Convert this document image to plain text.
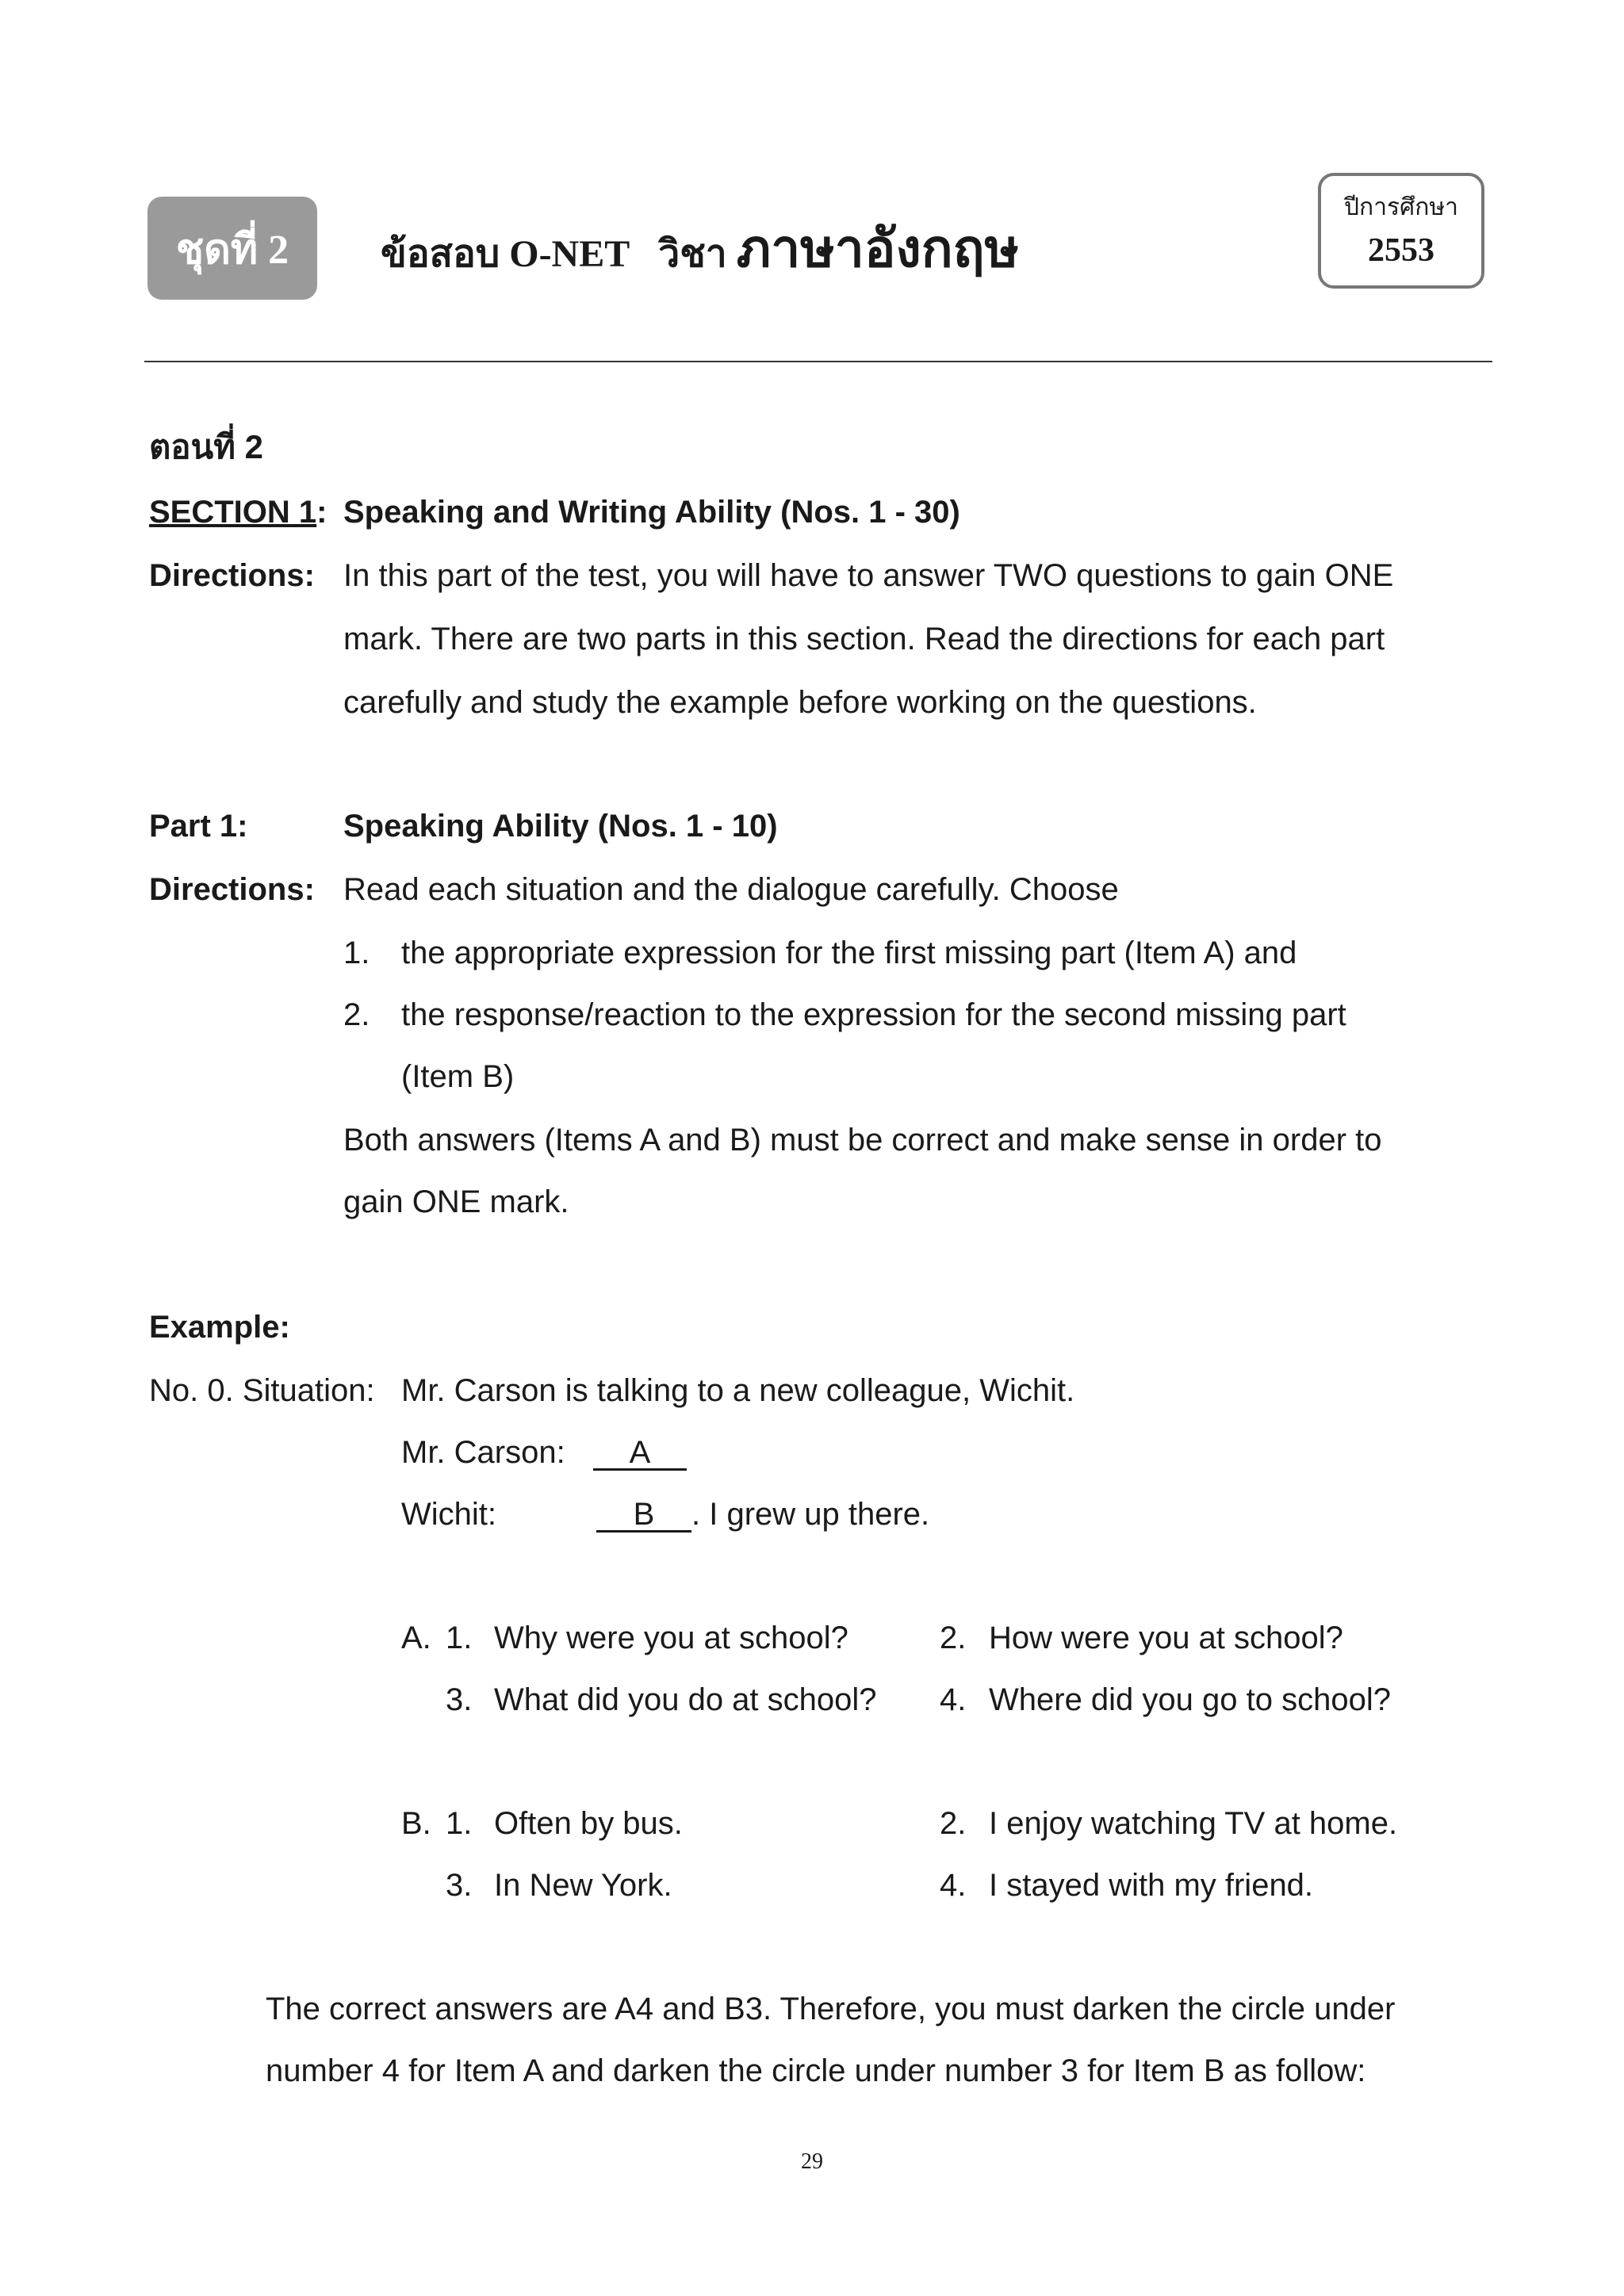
ชุดที่ 2	ข้อสอบ O-NET วิชา ภาษาอังกฤษ
ปีการศึกษา
2553
ตอนที่ 2
SECTION 1: Speaking and Writing Ability (Nos. 1 - 30)
Directions: In this part of the test, you will have to answer TWO questions to gain ONE
mark. There are two parts in this section. Read the directions for each part
carefully and study the example before working on the questions.
Part 1:	Speaking Ability (Nos. 1 - 10)
Directions: Read each situation and the dialogue carefully. Choose
1. the appropriate expression for the first missing part (Item A) and
2. the response/reaction to the expression for the second missing part
(Item B)
Both answers (Items A and B) must be correct and make sense in order to
gain ONE mark.
Example:
No. 0. Situation: Mr. Carson is talking to a new colleague, Wichit.
Mr. Carson:	A
Wichit:	B . I grew up there.
A. 1. Why were you at school?	2. How were you at school?
3. What did you do at school? 4. Where did you go to school?
B. 1. Often by bus.	2. I enjoy watching TV at home.
3. In New York.	4. I stayed with my friend.
The correct answers are A4 and B3. Therefore, you must darken the circle under
number 4 for Item A and darken the circle under number 3 for Item B as follow:
29
